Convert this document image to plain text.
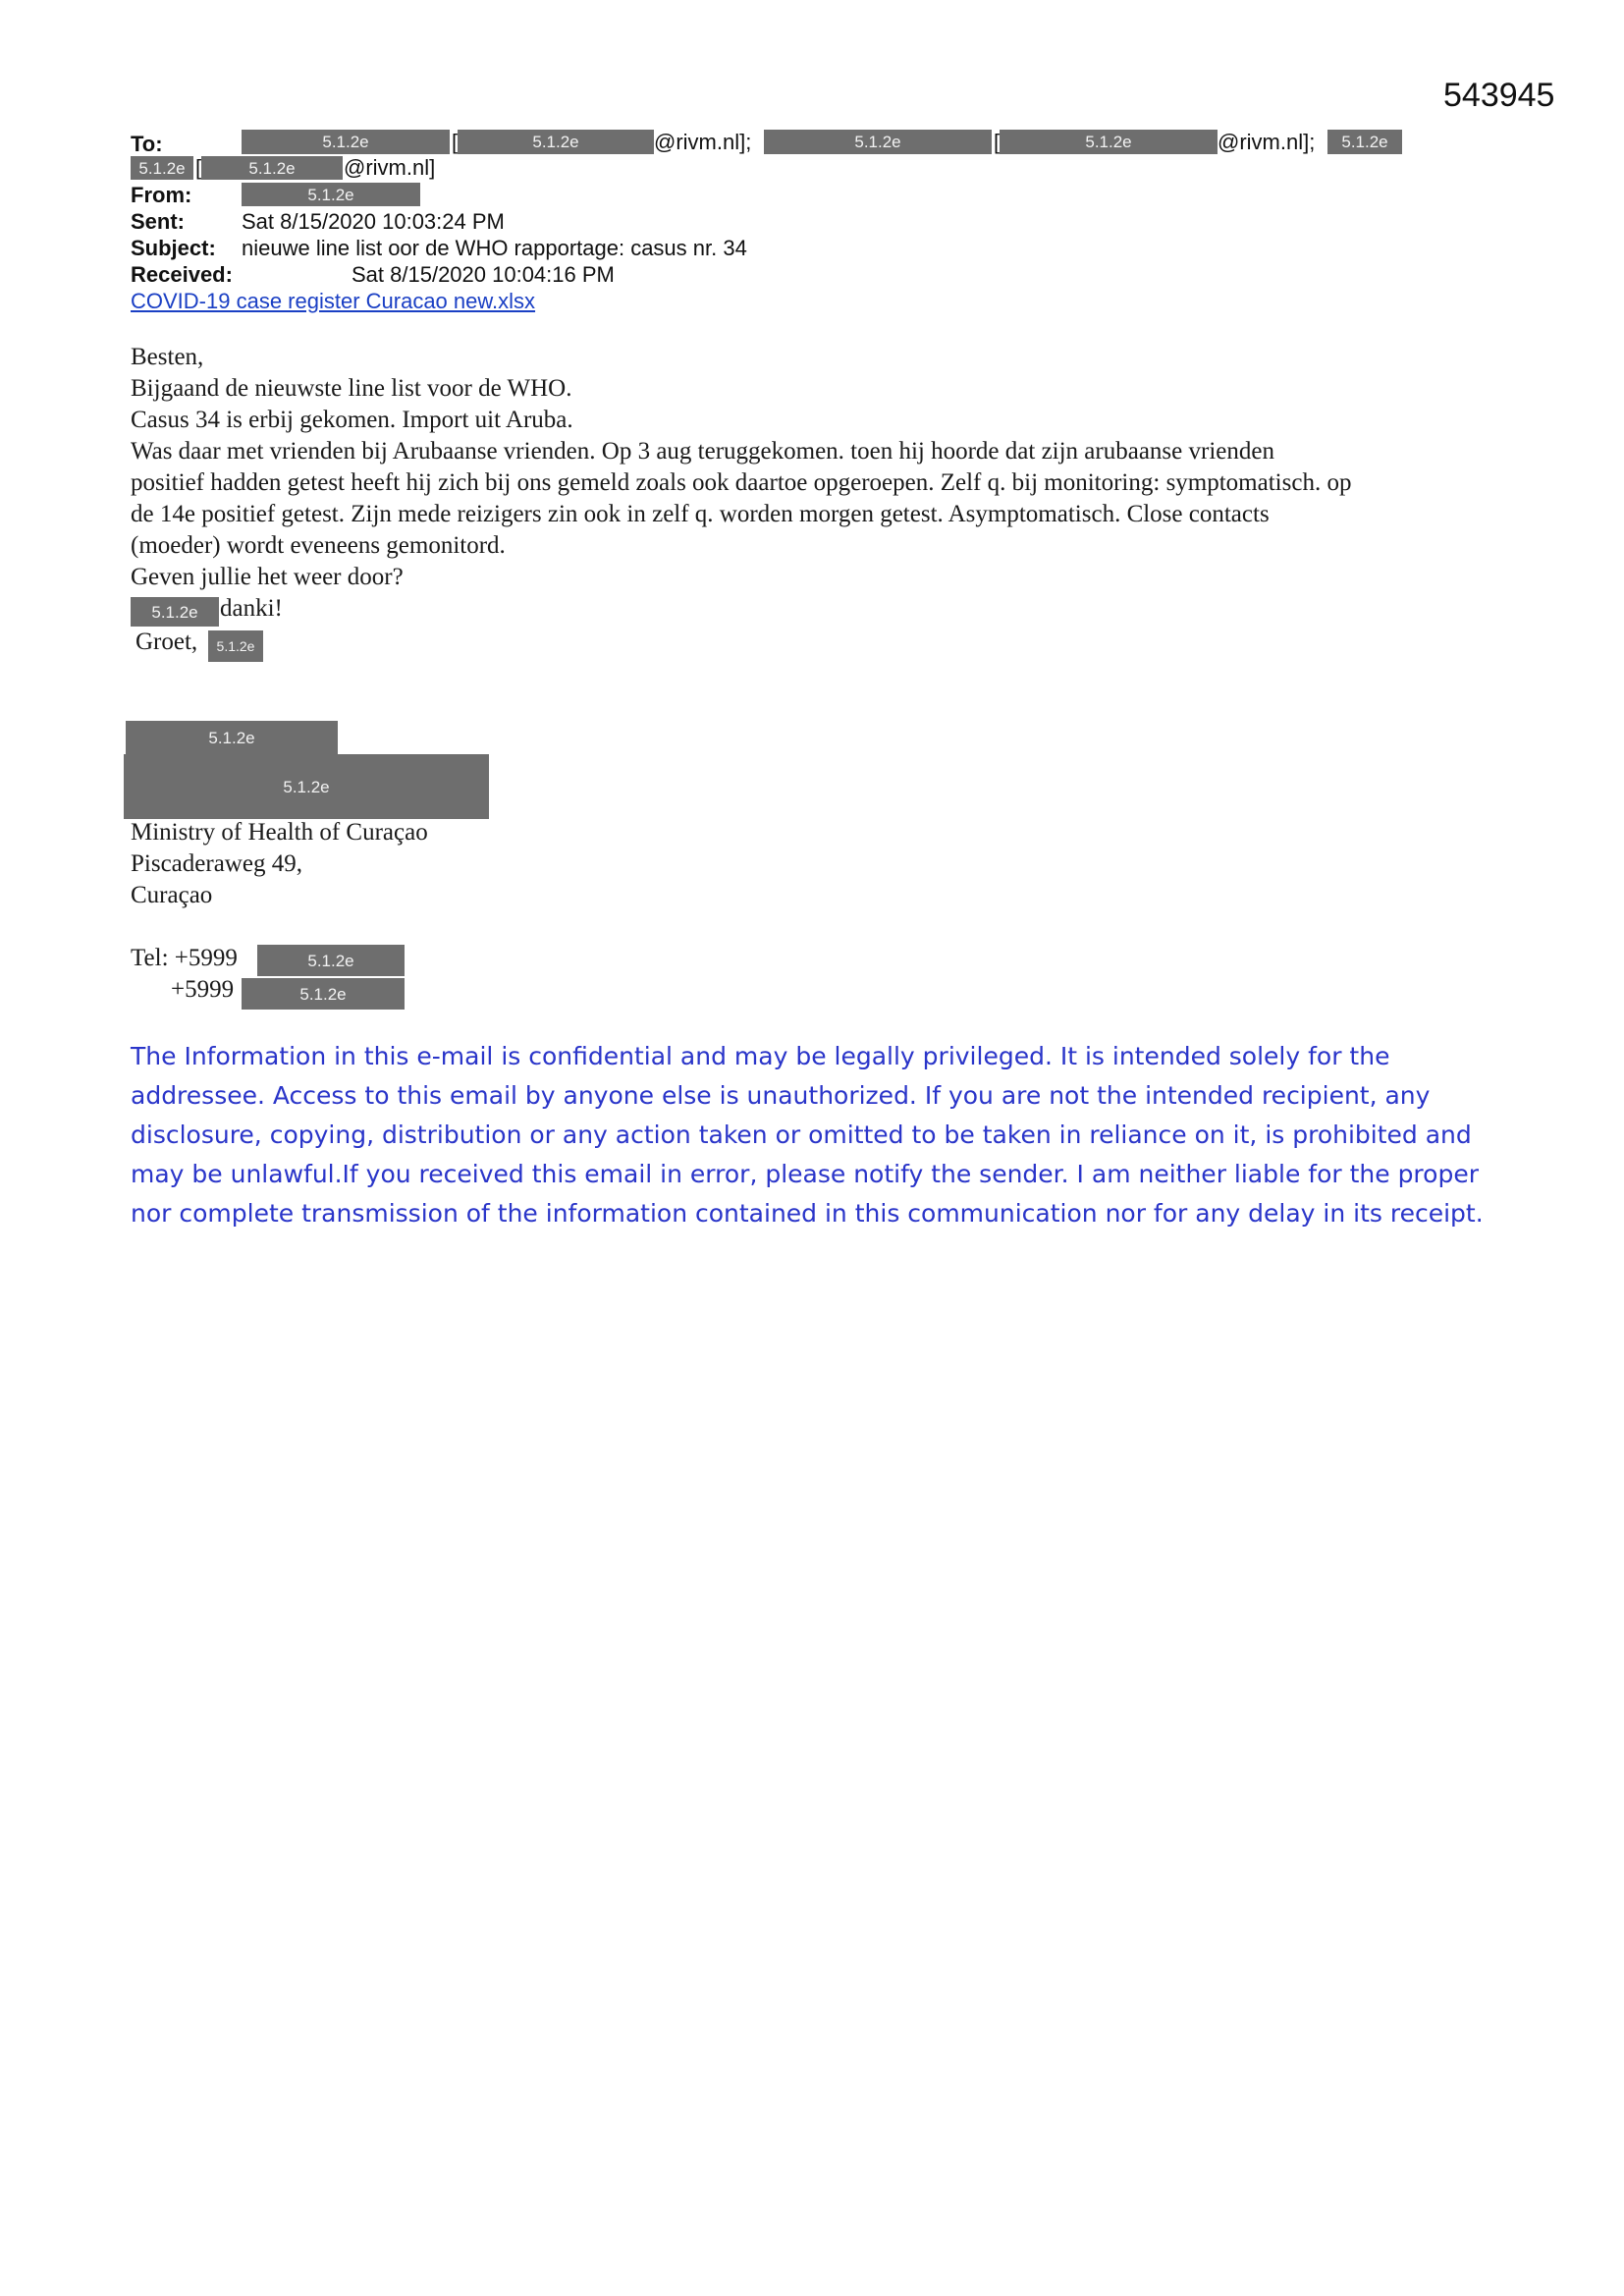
543945
To:	5.1.2e	[	5.1.2e	@rivm.nl];	5.1.2e	[	5.1.2e	@rivm.nl];	5.1.2e
5.1.2e [	5.1.2e	@rivm.nl]
From:	5.1.2e
Sent:	Sat 8/15/2020 10:03:24 PM
Subject: nieuwe line list oor de WHO rapportage: casus nr. 34
Received:	Sat 8/15/2020 10:04:16 PM
COVID-19 case register Curacao new.xlsx
Besten,
Bijgaand de nieuwste line list voor de WHO.
Casus 34 is erbij gekomen. Import uit Aruba.
Was daar met vrienden bij Arubaanse vrienden. Op 3 aug teruggekomen. toen hij hoorde dat zijn arubaanse vrienden
positief hadden getest heeft hij zich bij ons gemeld zoals ook daartoe opgeroepen. Zelf q. bij monitoring: symptomatisch. op
de 14e positief getest. Zijn mede reizigers zin ook in zelf q. worden morgen getest. Asymptomatisch. Close contacts
(moeder) wordt eveneens gemonitord.
Geven jullie het weer door?
5.1.2e danki!
Groet,	5.1.2e
5.1.2e
5.1.2e
Ministry of Health of Curaçao
Piscaderaweg 49,
Curaçao
Tel: +5999	5.1.2e
+5999	5.1.2e
The Information in this e-mail is confidential and may be legally privileged. It is intended solely for the addressee. Access to this email by anyone else is unauthorized. If you are not the intended recipient, any disclosure, copying, distribution or any action taken or omitted to be taken in reliance on it, is prohibited and may be unlawful.If you received this email in error, please notify the sender. I am neither liable for the proper nor complete transmission of the information contained in this communication nor for any delay in its receipt.
